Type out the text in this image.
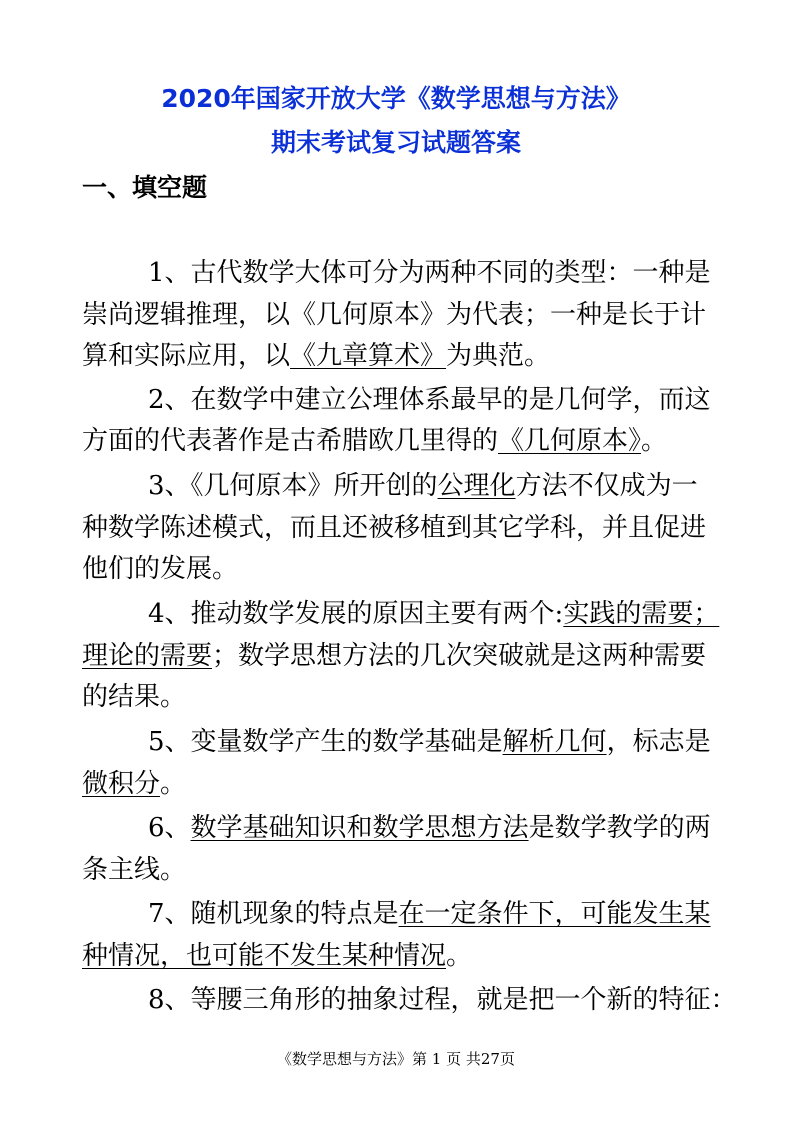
2020年国家开放大学《数学思想与方法》
期末考试复习试题答案
一、填空题
1、古代数学大体可分为两种不同的类型：一种是
崇尚逻辑推理，以《几何原本》为代表；一种是长于计
算和实际应用，以《九章算术》为典范。
2、在数学中建立公理体系最早的是几何学，而这
方面的代表著作是古希腊欧几里得的《几何原本》。
3、《几何原本》所开创的公理化方法不仅成为一
种数学陈述模式，而且还被移植到其它学科，并且促进
他们的发展。
4、推动数学发展的原因主要有两个:实践的需要；
理论的需要；数学思想方法的几次突破就是这两种需要
的结果。
5、变量数学产生的数学基础是解析几何，标志是
微积分。
6、数学基础知识和数学思想方法是数学教学的两
条主线。
7、随机现象的特点是在一定条件下，可能发生某
种情况，也可能不发生某种情况。
8、等腰三角形的抽象过程，就是把一个新的特征：
《数学思想与方法》第 1 页 共27页
